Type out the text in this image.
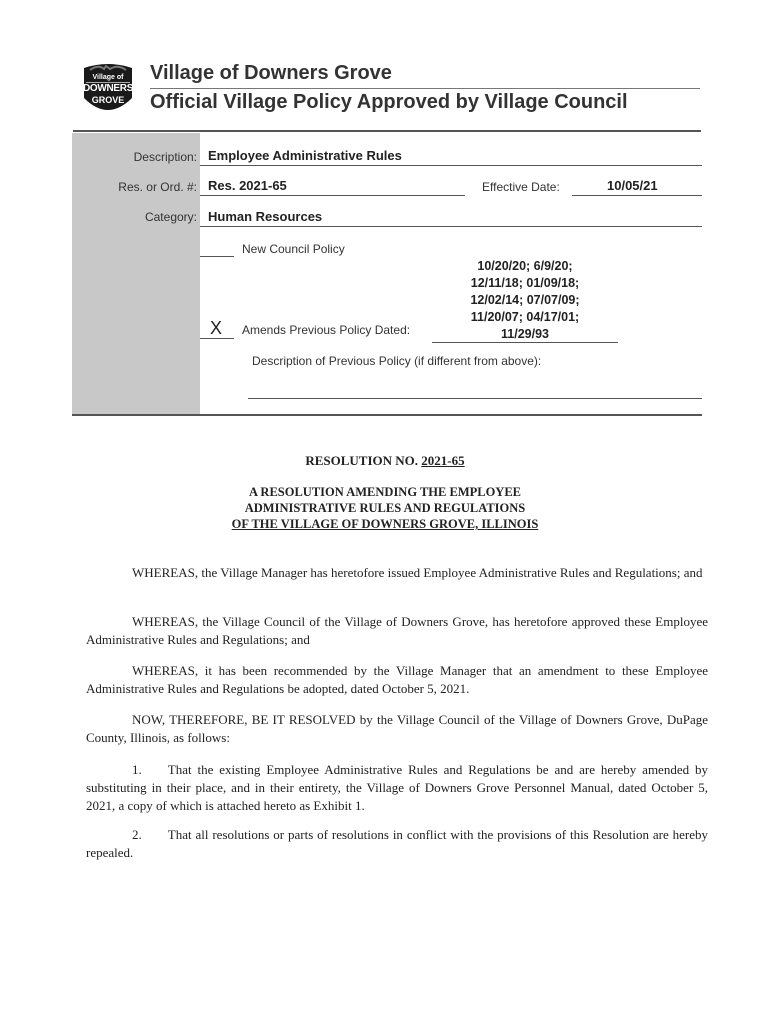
Village of
DOWNERS
GROVE
Village of Downers Grove
Official Village Policy Approved by Village Council
Description: Employee Administrative Rules
Res. or Ord. #: Res. 2021-65	Effective Date:	10/05/21
Category: Human Resources
New Council Policy
10/20/20; 6/9/20;
12/11/18; 01/09/18;
12/02/14; 07/07/09;
11/20/07; 04/17/01;
11/29/93
X Amends Previous Policy Dated:
Description of Previous Policy (if different from above):
RESOLUTION NO. 2021-65
A RESOLUTION AMENDING THE EMPLOYEE
ADMINISTRATIVE RULES AND REGULATIONS
OF THE VILLAGE OF DOWNERS GROVE, ILLINOIS

WHEREAS, the Village Manager has heretofore issued Employee Administrative Rules and Regulations; and

WHEREAS, the Village Council of the Village of Downers Grove, has heretofore approved these Employee Administrative Rules and Regulations; and

WHEREAS, it has been recommended by the Village Manager that an amendment to these Employee Administrative Rules and Regulations be adopted, dated October 5, 2021.

NOW, THEREFORE, BE IT RESOLVED by the Village Council of the Village of Downers Grove, DuPage County, Illinois, as follows:

1.  That the existing Employee Administrative Rules and Regulations be and are hereby amended by substituting in their place, and in their entirety, the Village of Downers Grove Personnel Manual, dated October 5, 2021, a copy of which is attached hereto as Exhibit 1.

2.  That all resolutions or parts of resolutions in conflict with the provisions of this Resolution are hereby repealed.
